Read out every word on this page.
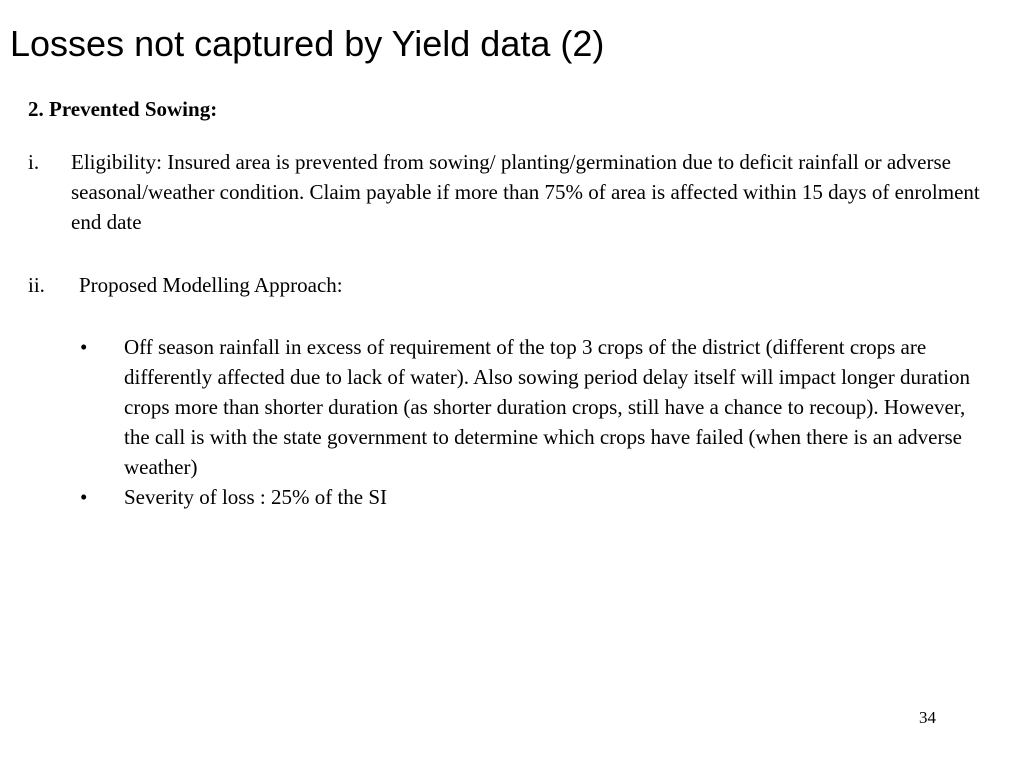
Losses not captured by Yield data (2)

2. Prevented Sowing:

i. Eligibility: Insured area is prevented from sowing/ planting/germination due to deficit rainfall or adverse seasonal/weather condition. Claim payable if more than 75% of area is affected within 15 days of enrolment end date
ii. Proposed Modelling Approach:
• Off season rainfall in excess of requirement of the top 3 crops of the district (different crops are differently affected due to lack of water). Also sowing period delay itself will impact longer duration crops more than shorter duration (as shorter duration crops, still have a chance to recoup). However, the call is with the state government to determine which crops have failed (when there is an adverse weather)
• Severity of loss : 25% of the SI
34
